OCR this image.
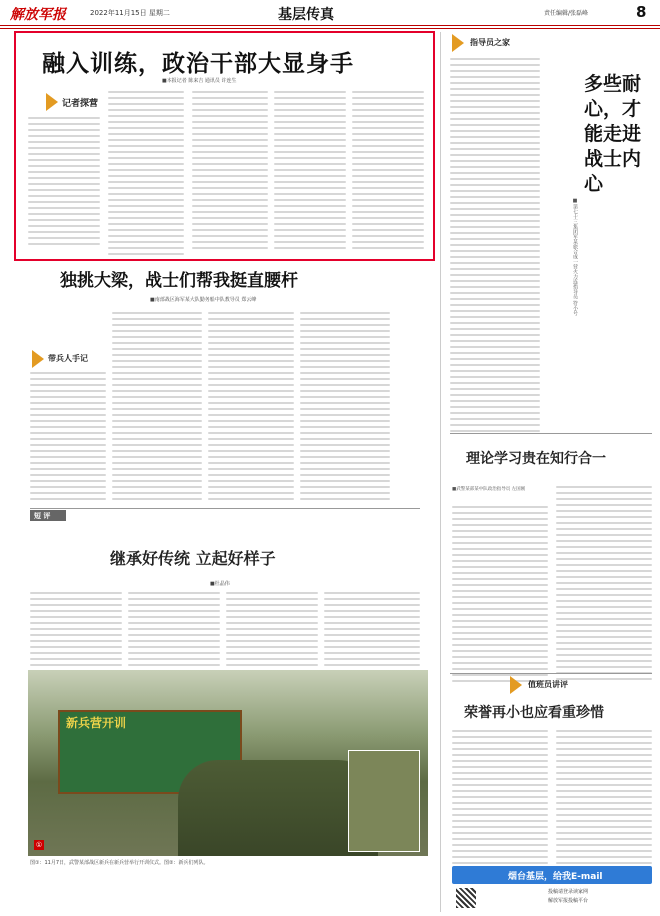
解放军报	2022年11月15日 星期二	基层传真	责任编辑/张磊峰	8
融入训练，政治干部大显身手
■本报记者 陈来吉 通讯员 许连生
记者探营
独挑大梁，战士们帮我挺直腰杆
■南部战区海军某大队勤务船中队教导员 郑云峰
带兵人手记
短 评
继承好传统 立起好样子
■杜晶伟
新兵营开训
①
图①：11月7日，武警某部战区新兵在新兵营举行开训仪式。图②：新兵们列队。
指导员之家
多些耐心，才能走进战士内心
■第七十三集团军某旅合成一营火力连指导员 符小号
理论学习贵在知行合一
■武警某部某中队政治指导员 左国刚
值班员讲评
荣誉再小也应看重珍惜
烟台基层，给我E-mail
投稿请登录读家网
解放军报投稿平台
